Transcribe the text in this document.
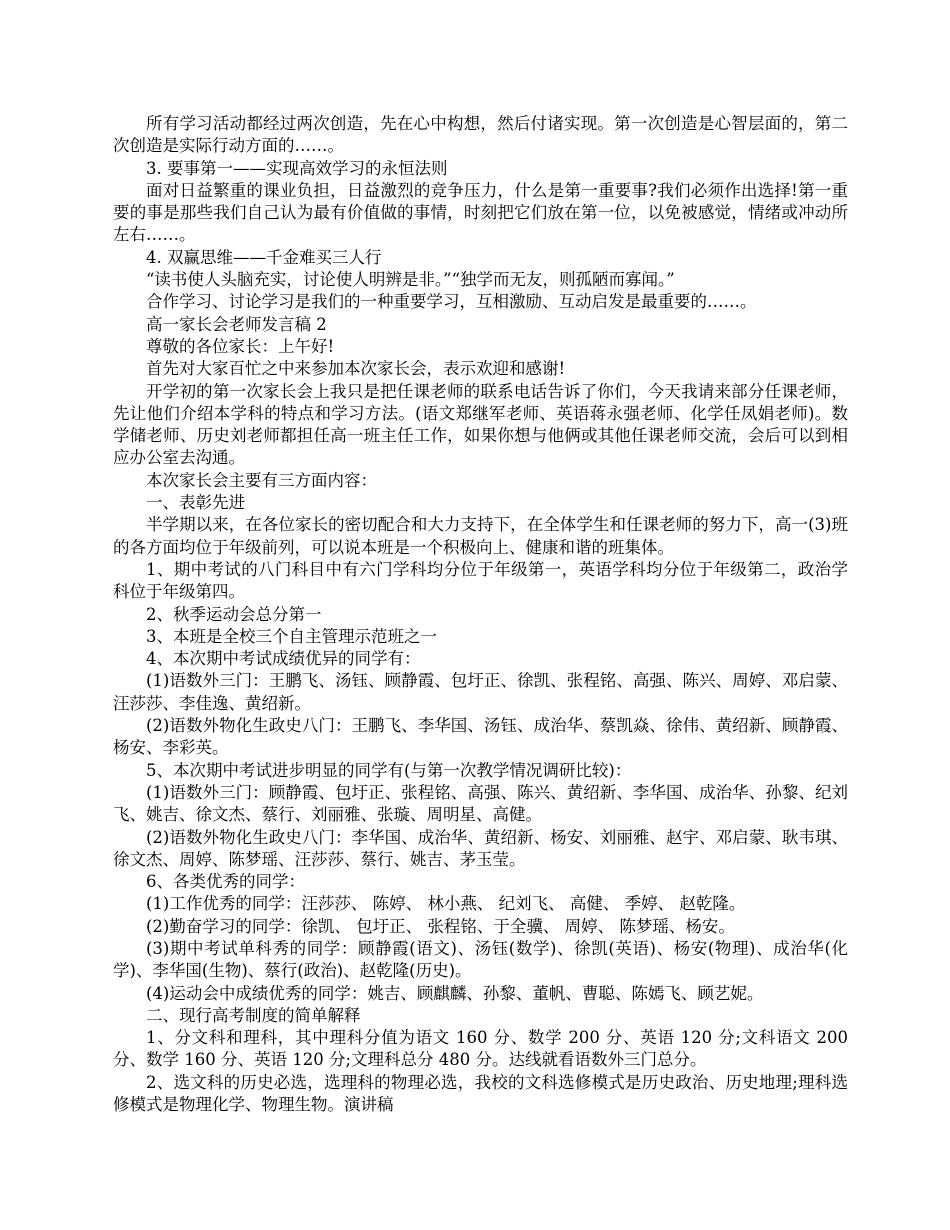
所有学习活动都经过两次创造，先在心中构想，然后付诸实现。第一次创造是心智层面的，第二次创造是实际行动方面的……。

3. 要事第一——实现高效学习的永恒法则

面对日益繁重的课业负担，日益激烈的竞争压力，什么是第一重要事?我们必须作出选择!第一重要的事是那些我们自己认为最有价值做的事情，时刻把它们放在第一位，以免被感觉，情绪或冲动所左右……。

4. 双赢思维——千金难买三人行

“读书使人头脑充实，讨论使人明辨是非。”“独学而无友，则孤陋而寡闻。”

合作学习、讨论学习是我们的一种重要学习，互相激励、互动启发是最重要的……。

高一家长会老师发言稿 2

尊敬的各位家长：上午好!

首先对大家百忙之中来参加本次家长会，表示欢迎和感谢!

开学初的第一次家长会上我只是把任课老师的联系电话告诉了你们，今天我请来部分任课老师，先让他们介绍本学科的特点和学习方法。(语文郑继军老师、英语蒋永强老师、化学任凤娟老师)。数学储老师、历史刘老师都担任高一班主任工作，如果你想与他俩或其他任课老师交流，会后可以到相应办公室去沟通。

本次家长会主要有三方面内容：

一、表彰先进

半学期以来，在各位家长的密切配合和大力支持下，在全体学生和任课老师的努力下，高一(3)班的各方面均位于年级前列，可以说本班是一个积极向上、健康和谐的班集体。

1、期中考试的八门科目中有六门学科均分位于年级第一，英语学科均分位于年级第二，政治学科位于年级第四。

2、秋季运动会总分第一

3、本班是全校三个自主管理示范班之一

4、本次期中考试成绩优异的同学有：

(1)语数外三门：王鹏飞、汤钰、顾静霞、包圩正、徐凯、张程铭、高强、陈兴、周婷、邓启蒙、汪莎莎、李佳逸、黄绍新。

(2)语数外物化生政史八门：王鹏飞、李华国、汤钰、成治华、蔡凯焱、徐伟、黄绍新、顾静霞、杨安、李彩英。

5、本次期中考试进步明显的同学有(与第一次教学情况调研比较)：

(1)语数外三门：顾静霞、包圩正、张程铭、高强、陈兴、黄绍新、李华国、成治华、孙黎、纪刘飞、姚吉、徐文杰、蔡行、刘丽雅、张璇、周明星、高健。

(2)语数外物化生政史八门：李华国、成治华、黄绍新、杨安、刘丽雅、赵宇、邓启蒙、耿韦琪、徐文杰、周婷、陈梦瑶、汪莎莎、蔡行、姚吉、茅玉莹。

6、各类优秀的同学：

(1)工作优秀的同学：汪莎莎、 陈婷、 林小燕、 纪刘飞、 高健、 季婷、 赵乾隆。

(2)勤奋学习的同学：徐凯、 包圩正、 张程铭、于全骥、 周婷、 陈梦瑶、杨安。

(3)期中考试单科秀的同学：顾静霞(语文)、汤钰(数学)、徐凯(英语)、杨安(物理)、成治华(化学)、李华国(生物)、蔡行(政治)、赵乾隆(历史)。

(4)运动会中成绩优秀的同学：姚吉、顾麒麟、孙黎、董帆、曹聪、陈嫣飞、顾艺妮。

二、现行高考制度的简单解释

1、分文科和理科，其中理科分值为语文 160 分、数学 200 分、英语 120 分;文科语文 200 分、数学 160 分、英语 120 分;文理科总分 480 分。达线就看语数外三门总分。

2、选文科的历史必选，选理科的物理必选，我校的文科选修模式是历史政治、历史地理;理科选修模式是物理化学、物理生物。演讲稿
